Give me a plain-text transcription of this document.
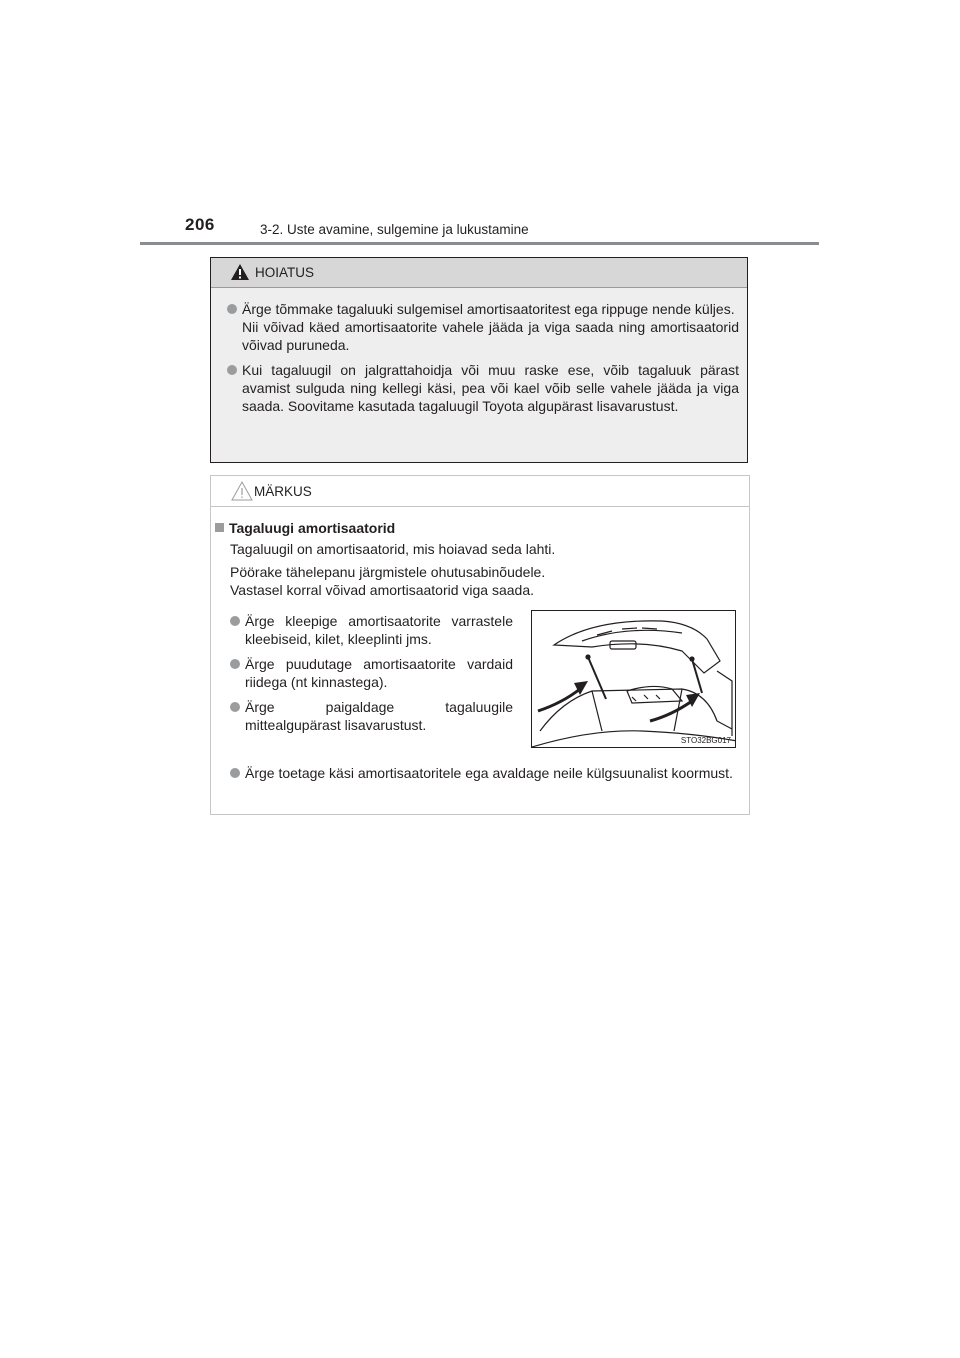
206	3-2. Uste avamine, sulgemine ja lukustamine
HOIATUS
Ärge tõmmake tagaluuki sulgemisel amortisaatoritest ega rippuge nende küljes.
Nii võivad käed amortisaatorite vahele jääda ja viga saada ning amortisaatorid võivad puruneda.
Kui tagaluugil on jalgrattahoidja või muu raske ese, võib tagaluuk pärast avamist sulguda ning kellegi käsi, pea või kael võib selle vahele jääda ja viga saada. Soovitame kasutada tagaluugil Toyota algupärast lisavarustust.
MÄRKUS
Tagaluugi amortisaatorid
Tagaluugil on amortisaatorid, mis hoiavad seda lahti.
Pöörake tähelepanu järgmistele ohutusabinõudele.
Vastasel korral võivad amortisaatorid viga saada.
Ärge kleepige amortisaatorite varrastele kleebiseid, kilet, kleeplinti jms.
Ärge puudutage amortisaatorite vardaid riidega (nt kinnastega).
Ärge paigaldage tagaluugile mittealgupärast lisavarustust.
STO32BG017
Ärge toetage käsi amortisaatoritele ega avaldage neile külgsuunalist koormust.
